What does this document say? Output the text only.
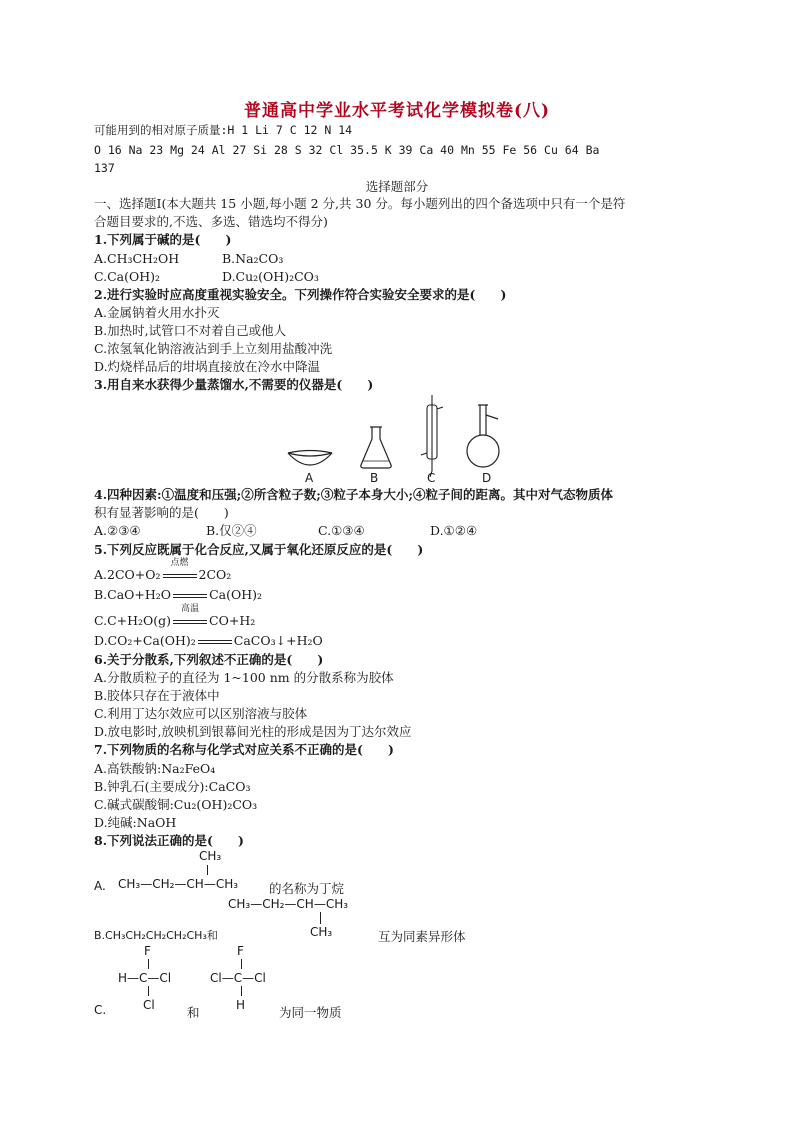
普通高中学业水平考试化学模拟卷(八)
可能用到的相对原子质量:H 1 Li 7 C 12 N 14
O 16 Na 23 Mg 24 Al 27 Si 28 S 32 Cl 35.5 K 39 Ca 40 Mn 55 Fe 56 Cu 64 Ba
137
选择题部分
一、选择题Ⅰ(本大题共 15 小题,每小题 2 分,共 30 分。每小题列出的四个备选项中只有一个是符
合题目要求的,不选、多选、错选均不得分)
1.下列属于碱的是(　　)
A.CH₃CH₂OH	B.Na₂CO₃
C.Ca(OH)₂	D.Cu₂(OH)₂CO₃
2.进行实验时应高度重视实验安全。下列操作符合实验安全要求的是(　　)
A.金属钠着火用水扑灭
B.加热时,试管口不对着自己或他人
C.浓氢氧化钠溶液沾到手上立刻用盐酸冲洗
D.灼烧样品后的坩埚直接放在冷水中降温
3.用自来水获得少量蒸馏水,不需要的仪器是(　　)
A	B	C	D
4.四种因素:①温度和压强;②所含粒子数;③粒子本身大小;④粒子间的距离。其中对气态物质体
积有显著影响的是(　　)
A.②③④	B.仅②④	C.①③④	D.①②④
5.下列反应既属于化合反应,又属于氧化还原反应的是(　　)
A.2CO+O₂
点燃
2CO₂
B.CaO+H₂O	Ca(OH)₂
C.C+H₂O(g)
高温
CO+H₂
D.CO₂+Ca(OH)₂	CaCO₃↓+H₂O
6.关于分散系,下列叙述不正确的是(　　)
A.分散质粒子的直径为 1~100 nm 的分散系称为胶体
B.胶体只存在于液体中
C.利用丁达尔效应可以区别溶液与胶体
D.放电影时,放映机到银幕间光柱的形成是因为丁达尔效应
7.下列物质的名称与化学式对应关系不正确的是(　　)
A.高铁酸钠:Na₂FeO₄
B.钟乳石(主要成分):CaCO₃
C.碱式碳酸铜:Cu₂(OH)₂CO₃
D.纯碱:NaOH
8.下列说法正确的是(　　)
A.
CH₃
CH₃—CH₂—CH—CH₃ 的名称为丁烷
B.CH₃CH₂CH₂CH₂CH₃和
CH₃—CH₂—CH—CH₃
CH₃	互为同素异形体
C.
F
H—C—Cl
Cl	和
F
Cl—C—Cl
H	为同一物质
